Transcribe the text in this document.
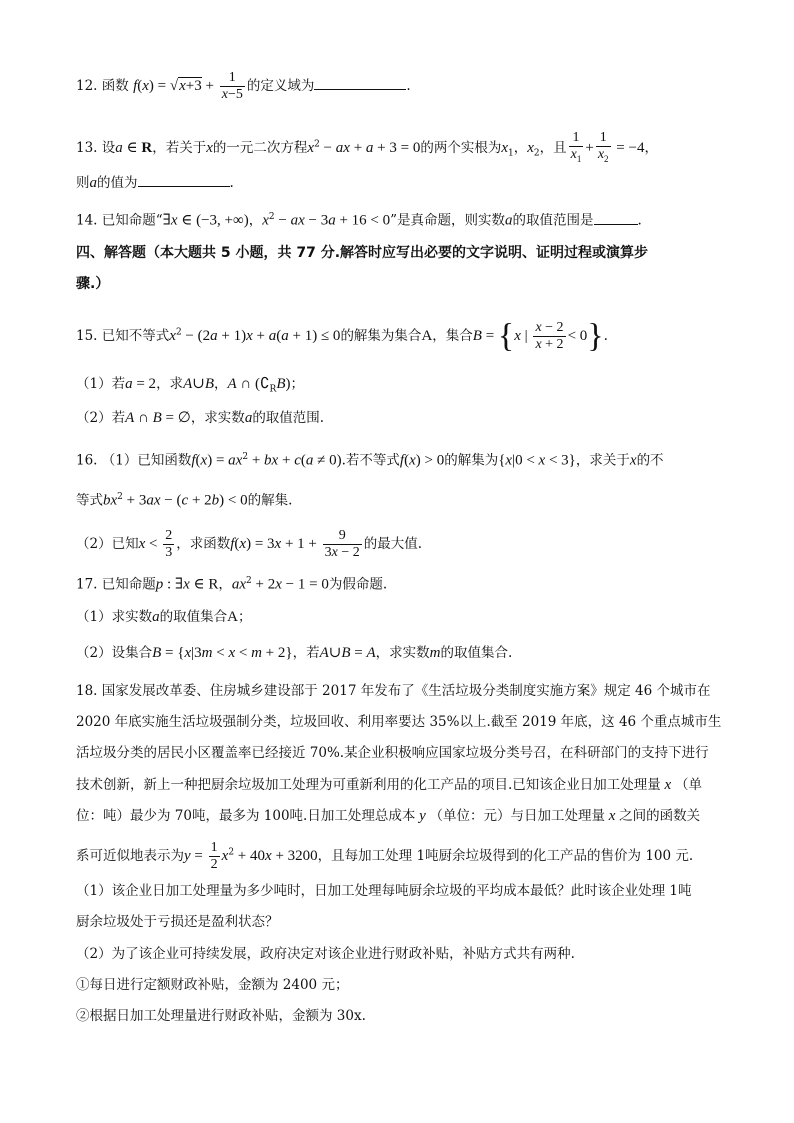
12. 函数 $f(x) = √x+3 + \frac{1}{x-5}$ 的定义域为	.
13. 设a ∈ R，若关于x的一元二次方程$x^2$ − ax + a + 3 = 0的两个实根为$x_1$，$x_2$，且 $\frac{1}{x_1} + \frac{1}{x_2} = -4$，
则a的值为	.
14. 已知命题“∃x ∈ (−3, +∞)，$x^2$ − ax − 3a + 16 < 0”是真命题，则实数a的取值范围是	.
四、解答题（本大题共 5 小题，共 77 分.解答时应写出必要的文字说明、证明过程或演算步
骤.）
15. 已知不等式$x^2 - (2a + 1)x + a(a + 1) \le 0$的解集为集合A，集合B = {x | $\frac{x - 2}{x + 2} < 0$}.
（1）若a = 2，求A∪B，A ∩ $(∁_RB)$；
（2）若A ∩ B = ∅，求实数a的取值范围.
16. （1）已知函数$f(x) = ax^2$ + bx + c(a ≠ 0).若不等式f(x) > 0的解集为{x|0 < x < 3}，求关于x的不
等式$bx^2 + 3ax - (c + 2b) < 0$的解集.
（2）已知$x < \frac{2}{3}$ ，求函数$f(x) = 3x + 1 + \frac{9}{3x - 2}$ 的最大值.
17. 已知命题p : ∃x ∈ R，$ax^2 + 2x - 1 = 0$为假命题.
（1）求实数a的取值集合A；
（2）设集合B = {x|3m < x < m + 2}，若A∪B = A，求实数m的取值集合.
18. 国家发展改革委、住房城乡建设部于 2017 年发布了《生活垃圾分类制度实施方案》规定 46 个城市在
2020 年底实施生活垃圾强制分类，垃圾回收、利用率要达 35%以上.截至 2019 年底，这 46 个重点城市生
活垃圾分类的居民小区覆盖率已经接近 70%.某企业积极响应国家垃圾分类号召，在科研部门的支持下进行
技术创新，新上一种把厨余垃圾加工处理为可重新利用的化工产品的项目.已知该企业日加工处理量 x （单
位：吨）最少为 70吨，最多为 100吨.日加工处理总成本 y （单位：元）与日加工处理量 x 之间的函数关
系可近似地表示为$y = \frac{1}{2} x^2 + 40x + 3200$，且每加工处理 1吨厨余垃圾得到的化工产品的售价为 100 元.
（1）该企业日加工处理量为多少吨时，日加工处理每吨厨余垃圾的平均成本最低？此时该企业处理 1吨
厨余垃圾处于亏损还是盈利状态？
（2）为了该企业可持续发展，政府决定对该企业进行财政补贴，补贴方式共有两种.
①每日进行定额财政补贴，金额为 2400 元；
②根据日加工处理量进行财政补贴，金额为 30x.
